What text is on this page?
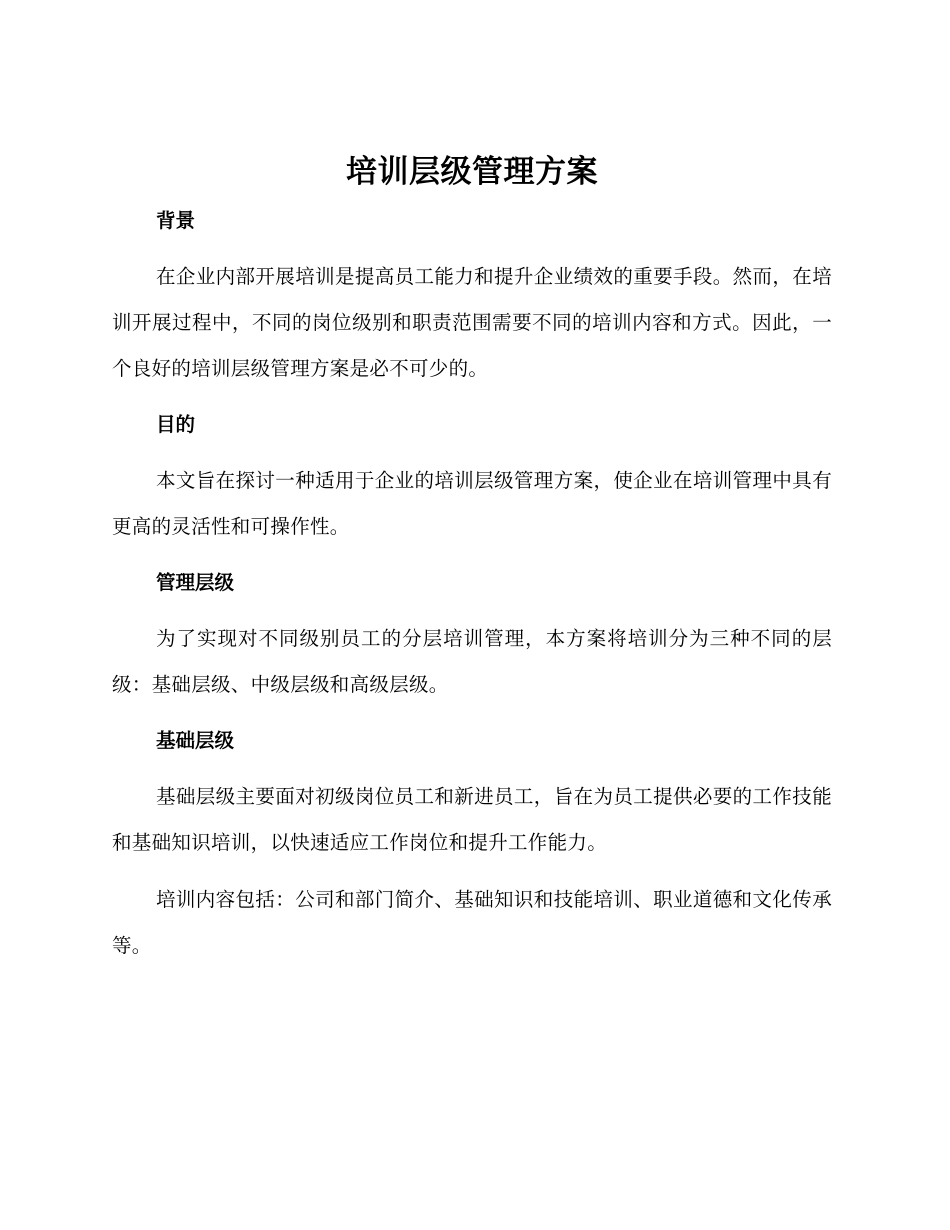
培训层级管理方案
背景

在企业内部开展培训是提高员工能力和提升企业绩效的重要手段。然而，在培训开展过程中，不同的岗位级别和职责范围需要不同的培训内容和方式。因此，一个良好的培训层级管理方案是必不可少的。

目的

本文旨在探讨一种适用于企业的培训层级管理方案，使企业在培训管理中具有更高的灵活性和可操作性。

管理层级

为了实现对不同级别员工的分层培训管理，本方案将培训分为三种不同的层级：基础层级、中级层级和高级层级。

基础层级

基础层级主要面对初级岗位员工和新进员工，旨在为员工提供必要的工作技能和基础知识培训，以快速适应工作岗位和提升工作能力。

培训内容包括：公司和部门简介、基础知识和技能培训、职业道德和文化传承等。
